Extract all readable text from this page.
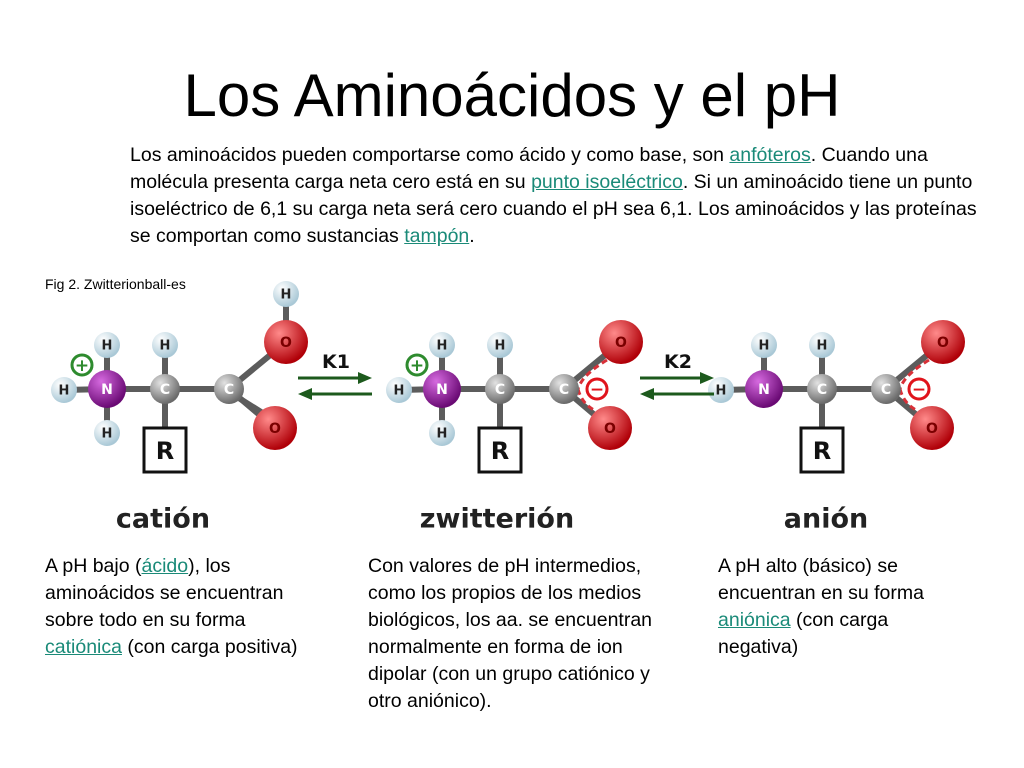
Los Aminoácidos y el pH
Los aminoácidos pueden comportarse como ácido y como base, son anfóteros. Cuando una molécula presenta carga neta cero está en su punto isoeléctrico. Si un aminoácido tiene un punto isoeléctrico de 6,1 su carga neta será cero cuando el pH sea 6,1. Los aminoácidos y las proteínas se comportan como sustancias tampón.
Fig 2. Zwitterionball-es
H
H
H
H
H
N	C	C
O
O
R
+
H
H
H
H
N	C	C
O
O
R
+
−
H
H
H
N	C	C
O
O
R
−
K1	K2
catión	zwitterión	anión
A pH bajo (ácido), los aminoácidos se encuentran sobre todo en su forma catiónica (con carga positiva)
Con valores de pH intermedios, como los propios de los medios biológicos, los aa. se encuentran normalmente en forma de ion dipolar (con un grupo catiónico y otro aniónico).
A pH alto (básico) se encuentran en su forma aniónica (con carga negativa)
